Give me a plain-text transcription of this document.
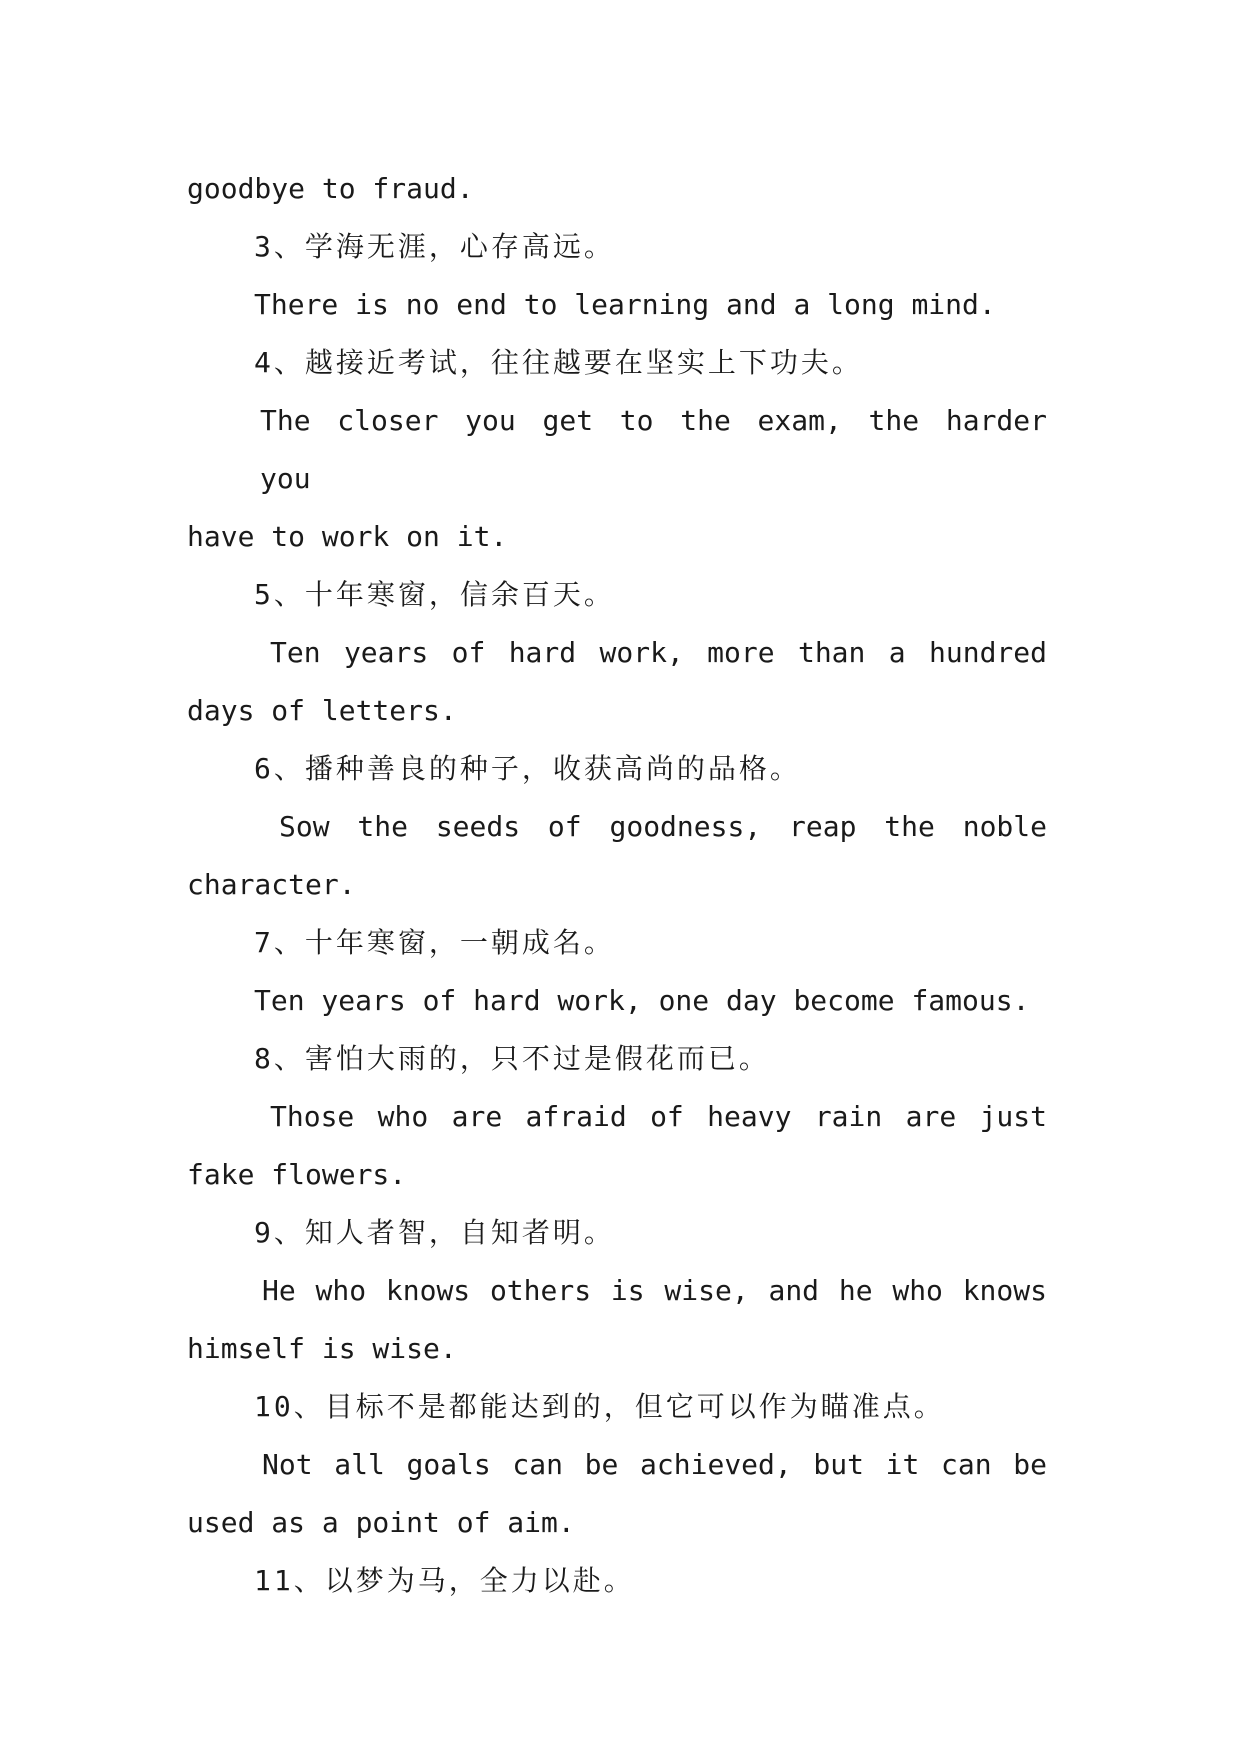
goodbye to fraud.

3、学海无涯，心存高远。

There is no end to learning and a long mind.

4、越接近考试，往往越要在坚实上下功夫。

The closer you get to the exam, the harder you

have to work on it.

5、十年寒窗，信余百天。

Ten years of hard work, more than a hundred

days of letters.

6、播种善良的种子，收获高尚的品格。

Sow the seeds of goodness, reap the noble

character.

7、十年寒窗，一朝成名。

Ten years of hard work, one day become famous.

8、害怕大雨的，只不过是假花而已。

Those who are afraid of heavy rain are just

fake flowers.

9、知人者智，自知者明。

He who knows others is wise, and he who knows

himself is wise.

10、目标不是都能达到的，但它可以作为瞄准点。

Not all goals can be achieved, but it can be

used as a point of aim.

11、以梦为马，全力以赴。
